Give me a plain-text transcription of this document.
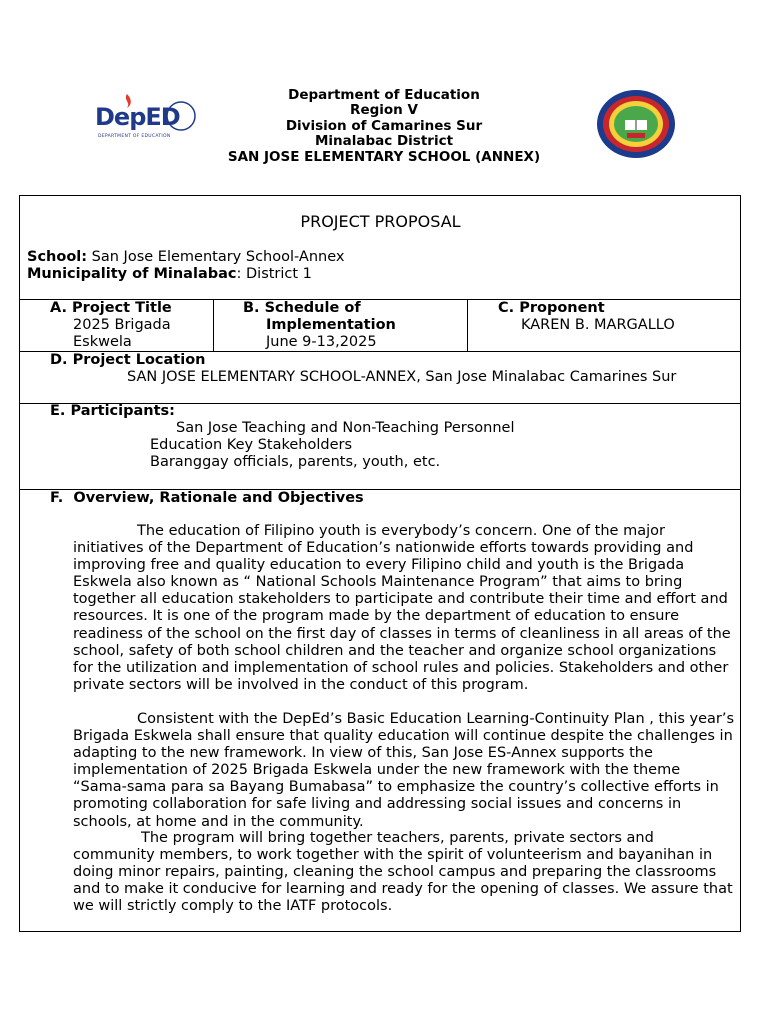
DepED
DEPARTMENT OF EDUCATION
Department of Education
Region V
Division of Camarines Sur
Minalabac District
SAN JOSE ELEMENTARY SCHOOL (ANNEX)
PROJECT PROPOSAL
School: San Jose Elementary School-Annex
Municipality of Minalabac: District 1
A. Project Title
2025 Brigada
Eskwela
B. Schedule of
Implementation
June 9-13,2025
C. Proponent
KAREN B. MARGALLO
D. Project Location
SAN JOSE ELEMENTARY SCHOOL-ANNEX, San Jose Minalabac Camarines Sur
E. Participants:
San Jose Teaching and Non-Teaching Personnel
Education Key Stakeholders
Baranggay officials, parents, youth, etc.
F.  Overview, Rationale and Objectives
The education of Filipino youth is everybody’s concern. One of the major initiatives of the Department of Education’s nationwide efforts towards providing and improving free and quality education to every Filipino child and youth is the Brigada Eskwela also known as “ National Schools Maintenance Program” that aims to bring together all education stakeholders to participate and contribute their time and effort and resources. It is one of the program made by the department of education to ensure readiness of the school on the first day of classes in terms of cleanliness in all areas of the school, safety of both school children and the teacher and organize school organizations for the utilization and implementation of school rules and policies. Stakeholders and other private sectors will be involved in the conduct of this program.
Consistent with the DepEd’s Basic Education Learning-Continuity Plan , this year’s Brigada Eskwela shall ensure that quality education will continue despite the challenges in adapting to the new framework. In view of this, San Jose ES-Annex supports the implementation of 2025 Brigada Eskwela under the new framework with the theme “Sama-sama para sa Bayang Bumabasa” to emphasize the country’s collective efforts in promoting collaboration for safe living and addressing social issues and concerns in schools, at home and in the community.
The program will bring together teachers, parents, private sectors and community members, to work together with the spirit of volunteerism and bayanihan in doing minor repairs, painting, cleaning the school campus and preparing the classrooms and to make it conducive for learning and ready for the opening of classes. We assure that we will strictly comply to the IATF protocols.
